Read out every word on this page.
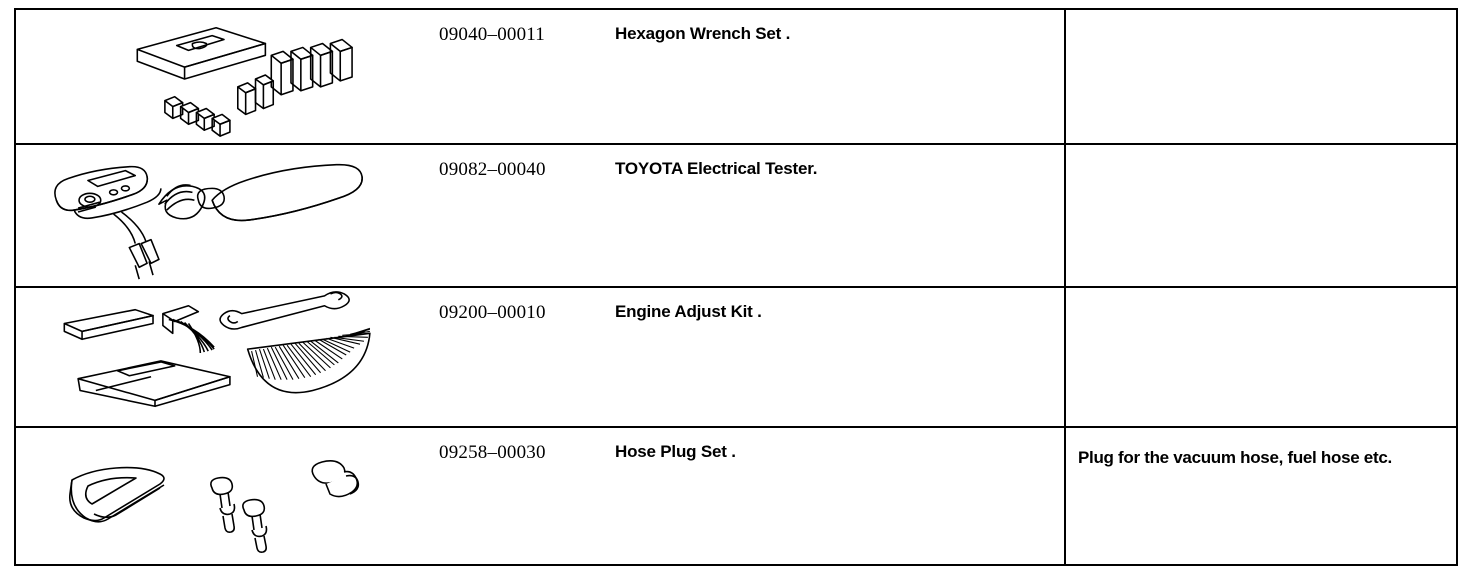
09040–00011	Hexagon Wrench Set .
09082–00040	TOYOTA Electrical Tester.
09200–00010	Engine Adjust Kit .
09258–00030	Hose Plug Set .	Plug for the vacuum hose, fuel hose etc.
